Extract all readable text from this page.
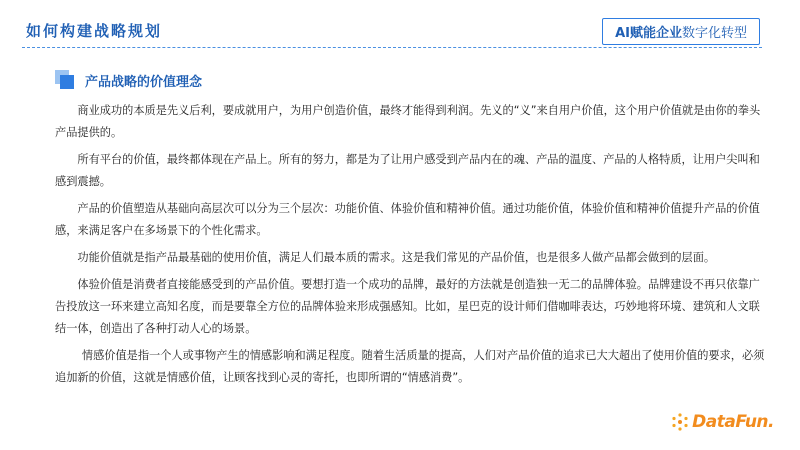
如何构建战略规划	AI赋能企业数字化转型
产品战略的价值理念

商业成功的本质是先义后利，要成就用户，为用户创造价值，最终才能得到利润。先义的“义”来自用户价值，这个用户价值就是由你的拳头产品提供的。

所有平台的价值，最终都体现在产品上。所有的努力，都是为了让用户感受到产品内在的魂、产品的温度、产品的人格特质，让用户尖叫和感到震撼。

产品的价值塑造从基础向高层次可以分为三个层次：功能价值、体验价值和精神价值。通过功能价值，体验价值和精神价值提升产品的价值感，来满足客户在多场景下的个性化需求。

功能价值就是指产品最基础的使用价值，满足人们最本质的需求。这是我们常见的产品价值，也是很多人做产品都会做到的层面。

体验价值是消费者直接能感受到的产品价值。要想打造一个成功的品牌，最好的方法就是创造独一无二的品牌体验。品牌建设不再只依靠广告投放这一环来建立高知名度，而是要靠全方位的品牌体验来形成强感知。比如，星巴克的设计师们借咖啡表达，巧妙地将环境、建筑和人文联结一体，创造出了各种打动人心的场景。

情感价值是指一个人或事物产生的情感影响和满足程度。随着生活质量的提高，人们对产品价值的追求已大大超出了使用价值的要求，必须追加新的价值，这就是情感价值，让顾客找到心灵的寄托，也即所谓的“情感消费”。

DataFun.
